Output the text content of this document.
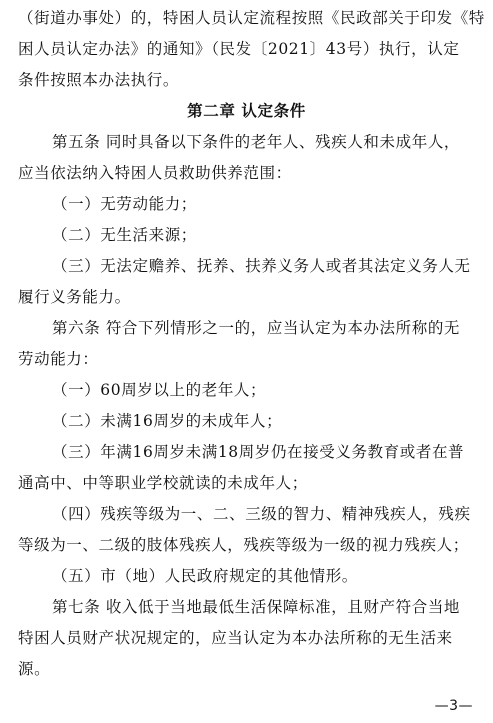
（街道办事处）的，特困人员认定流程按照《民政部关于印发《特
困人员认定办法》的通知》（民发〔2021〕43号）执行，认定
条件按照本办法执行。
第二章 认定条件
第五条 同时具备以下条件的老年人、残疾人和未成年人，
应当依法纳入特困人员救助供养范围：
（一）无劳动能力；
（二）无生活来源；
（三）无法定赡养、抚养、扶养义务人或者其法定义务人无
履行义务能力。
第六条 符合下列情形之一的，应当认定为本办法所称的无
劳动能力：
（一）60周岁以上的老年人；
（二）未满16周岁的未成年人；
（三）年满16周岁未满18周岁仍在接受义务教育或者在普
通高中、中等职业学校就读的未成年人；
（四）残疾等级为一、二、三级的智力、精神残疾人，残疾
等级为一、二级的肢体残疾人，残疾等级为一级的视力残疾人；
（五）市（地）人民政府规定的其他情形。
第七条 收入低于当地最低生活保障标准，且财产符合当地
特困人员财产状况规定的，应当认定为本办法所称的无生活来
源。
—3—
